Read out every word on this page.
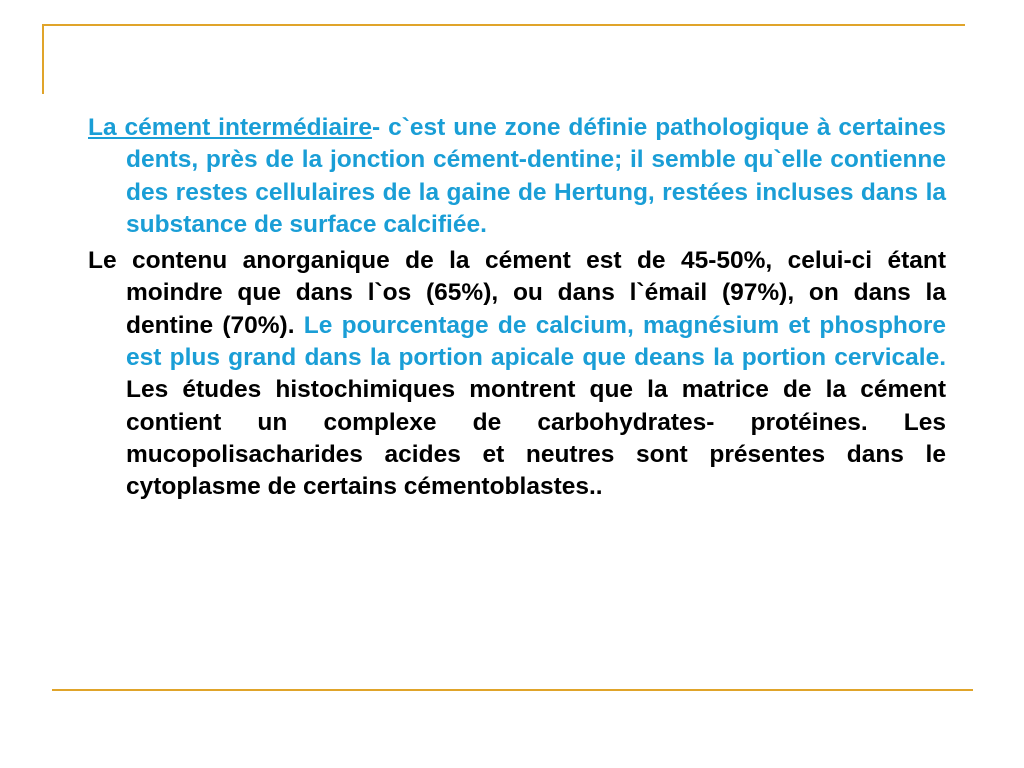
La cément intermédiaire- c`est une zone définie pathologique à certaines dents, près de la jonction cément-dentine; il semble qu`elle contienne des restes cellulaires de la gaine de Hertung, restées incluses dans la substance de surface calcifiée.

Le contenu anorganique de la cément est de 45-50%, celui-ci étant moindre que dans l`os (65%), ou dans l`émail (97%), on dans la dentine (70%). Le pourcentage de calcium, magnésium et phosphore est plus grand dans la portion apicale que deans la portion cervicale. Les études histochimiques montrent que la matrice de la cément contient un complexe de carbohydrates- protéines. Les mucopolisacharides acides et neutres sont présentes dans le cytoplasme de certains cémentoblastes..
